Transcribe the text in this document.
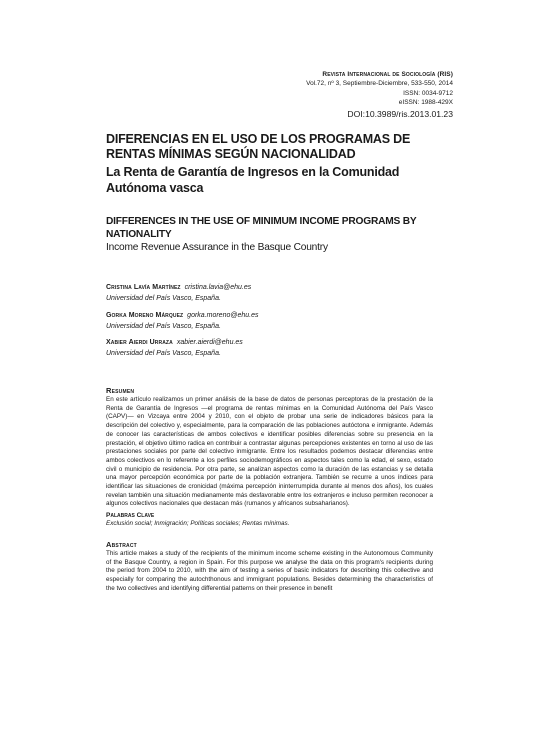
Revista Internacional de Sociología (RIS)
Vol.72, nº 3, Septiembre-Diciembre, 533-550, 2014
ISSN: 0034-9712
eISSN: 1988-429X
DOI:10.3989/ris.2013.01.23
DIFERENCIAS EN EL USO DE LOS PROGRAMAS DE
RENTAS MÍNIMAS SEGÚN NACIONALIDAD
La Renta de Garantía de Ingresos en la Comunidad
Autónoma vasca
DIFFERENCES IN THE USE OF MINIMUM INCOME PROGRAMS BY
NATIONALITY
Income Revenue Assurance in the Basque Country
Cristina Lavía Martínez cristina.lavia@ehu.es
Universidad del País Vasco, España.
Gorka Moreno Márquez gorka.moreno@ehu.es
Universidad del País Vasco, España.
Xabier Aierdi Urraza xabier.aierdi@ehu.es
Universidad del País Vasco, España.
Resumen

En este artículo realizamos un primer análisis de la base de datos de personas perceptoras de la prestación de la Renta de Garantía de Ingresos —el programa de rentas mínimas en la Comunidad Autónoma del País Vasco (CAPV)— en Vizcaya entre 2004 y 2010, con el objeto de probar una serie de indicadores básicos para la descripción del colectivo y, especialmente, para la comparación de las poblaciones autóctona e inmigrante. Además de conocer las características de ambos colectivos e identificar posibles diferencias sobre su presencia en la prestación, el objetivo último radica en contribuir a contrastar algunas percepciones existentes en torno al uso de las prestaciones sociales por parte del colectivo inmigrante. Entre los resultados podemos destacar diferencias entre ambos colectivos en lo referente a los perfiles sociodemográficos en aspectos tales como la edad, el sexo, estado civil o municipio de residencia. Por otra parte, se analizan aspectos como la duración de las estancias y se detalla una mayor percepción económica por parte de la población extranjera. También se recurre a unos índices para identificar las situaciones de cronicidad (máxima percepción ininterrumpida durante al menos dos años), los cuales revelan también una situación medianamente más desfavorable entre los extranjeros e incluso permiten reconocer a algunos colectivos nacionales que destacan más (rumanos y africanos subsaharianos).

Palabras Clave

Exclusión social; Inmigración; Políticas sociales; Rentas mínimas.

Abstract

This article makes a study of the recipients of the minimum income scheme existing in the Autonomous Community of the Basque Country, a region in Spain. For this purpose we analyse the data on this program's recipients during the period from 2004 to 2010, with the aim of testing a series of basic indicators for describing this collective and especially for comparing the autochthonous and immigrant populations. Besides determining the characteristics of the two collectives and identifying differential patterns on their presence in benefit
